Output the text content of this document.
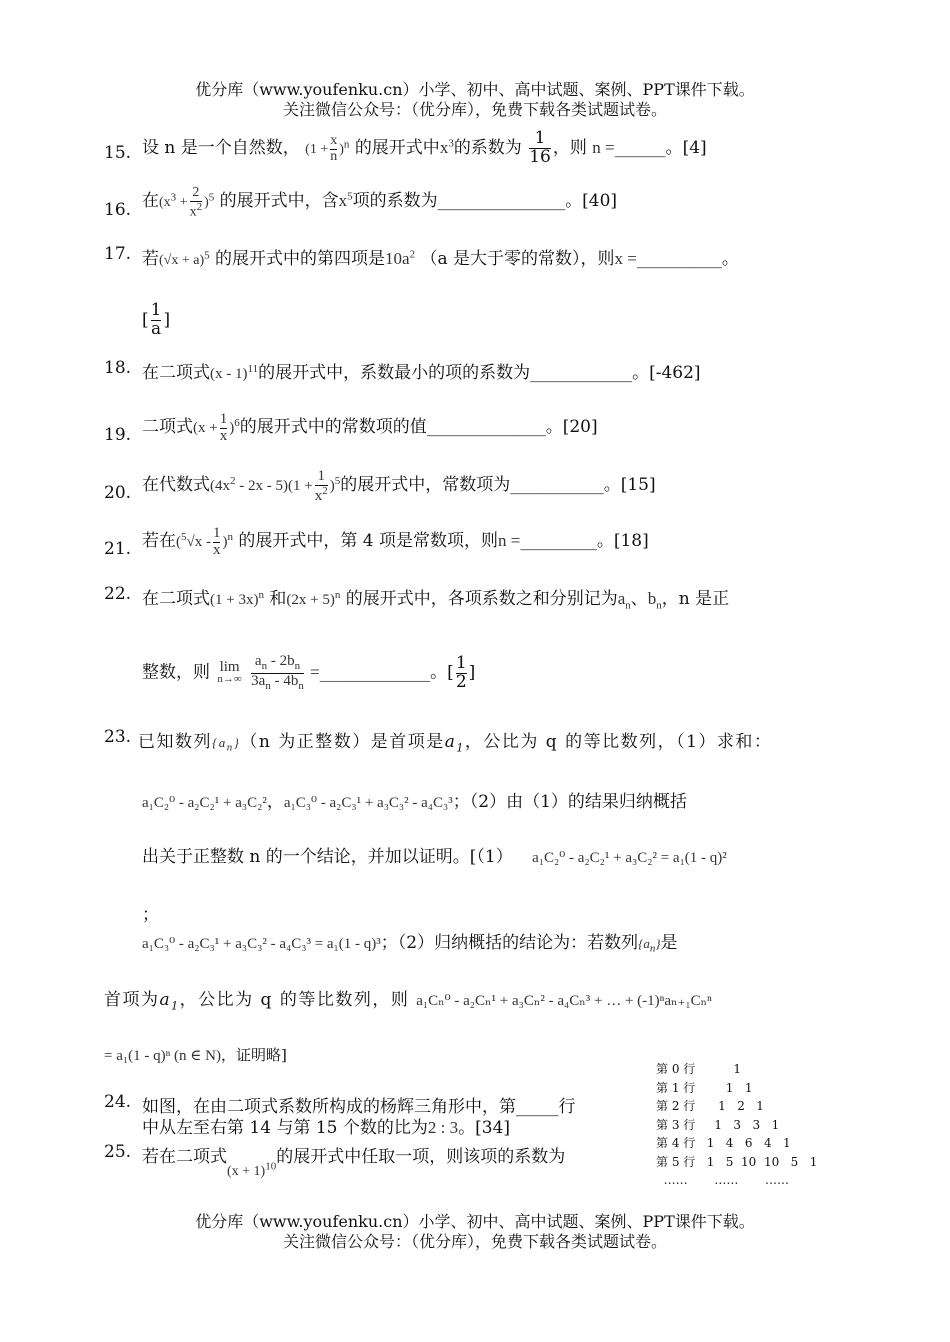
优分库（www.youfenku.cn）小学、初中、高中试题、案例、PPT课件下载。
关注微信公众号：（优分库），免费下载各类试题试卷。
15. 设 n 是一个自然数， $(1 + \frac{x}{n} )^n$ 的展开式中$x^3$的系数为 $\frac{1}{16}$ ，则 n =______。[4]
16. 在$(x^3 + \frac{2}{x^2} )^5$ 的展开式中，含$x^5$项的系数为_______________。[40]
17. 若$(√x + a)^5$ 的展开式中的第四项是$10a^2$ （a 是大于零的常数），则x =__________。
[ $\frac{1}{a}$ ]
18. 在二项式(x - 1)$^{11}$的展开式中，系数最小的项的系数为____________。[-462]
19. 二项式$(x + \frac{1}{x} )^6$的展开式中的常数项的值______________。[20]
20. 在代数式$(4x^2 - 2x - 5)(1 + \frac{1}{x^2} )^5$的展开式中，常数项为___________。[15]
21. 若在$(^5√x - \frac{1}{x} )^n$ 的展开式中，第 4 项是常数项，则n =_________。[18]
22. 在二项式$(1 + 3x)^n$ 和$(2x + 5)^n$ 的展开式中，各项系数之和分别记为$a_n$、$b_n$，n 是正
整数，则 lim
n→∞
$\frac{a_n - 2b_n}{3a_n - 4b_n}$ =_____________。[ $\frac{1}{2}$ ]
23. 已知数列$\{a_n\}(n$ 为正整数）是首项是$a_1$，公比为 q 的等比数列，（1）求和：
a₁C₂⁰ - a₂C₂¹ + a₃C₂²，a₁C₃⁰ - a₂C₃¹ + a₃C₃² - a₄C₃³；（2）由（1）的结果归纳概括
出关于正整数 n 的一个结论，并加以证明。[（1） a₁C₂⁰ - a₂C₂¹ + a₃C₂² = a₁(1 - q)²
；
a₁C₃⁰ - a₂C₃¹ + a₃C₃² - a₄C₃³ = a₁(1 - q)³；（2）归纳概括的结论为：若数列$\{a_n\}$是
首项为$a_1$，公比为 q 的等比数列，则 a₁Cₙ⁰ - a₂Cₙ¹ + a₃Cₙ² - a₄Cₙ³ + … + (-1)ⁿaₙ₊₁Cₙⁿ
= a₁(1 - q)ⁿ (n ∈ N)，证明略]
24. 如图，在由二项式系数所构成的杨辉三角形中，第_____行
中从左至右第 14 与第 15 个数的比为2 : 3。[34]
25. 若在二项式$_{(x + 1)^{10}}$的展开式中任取一项，则该项的系数为
第 0 行          1
第 1 行        1   1
第 2 行      1   2   1
第 3 行     1   3   3   1
第 4 行   1   4   6   4   1
第 5 行   1   5  10  10   5   1
……       ……       ……
优分库（www.youfenku.cn）小学、初中、高中试题、案例、PPT课件下载。
关注微信公众号：（优分库），免费下载各类试题试卷。
